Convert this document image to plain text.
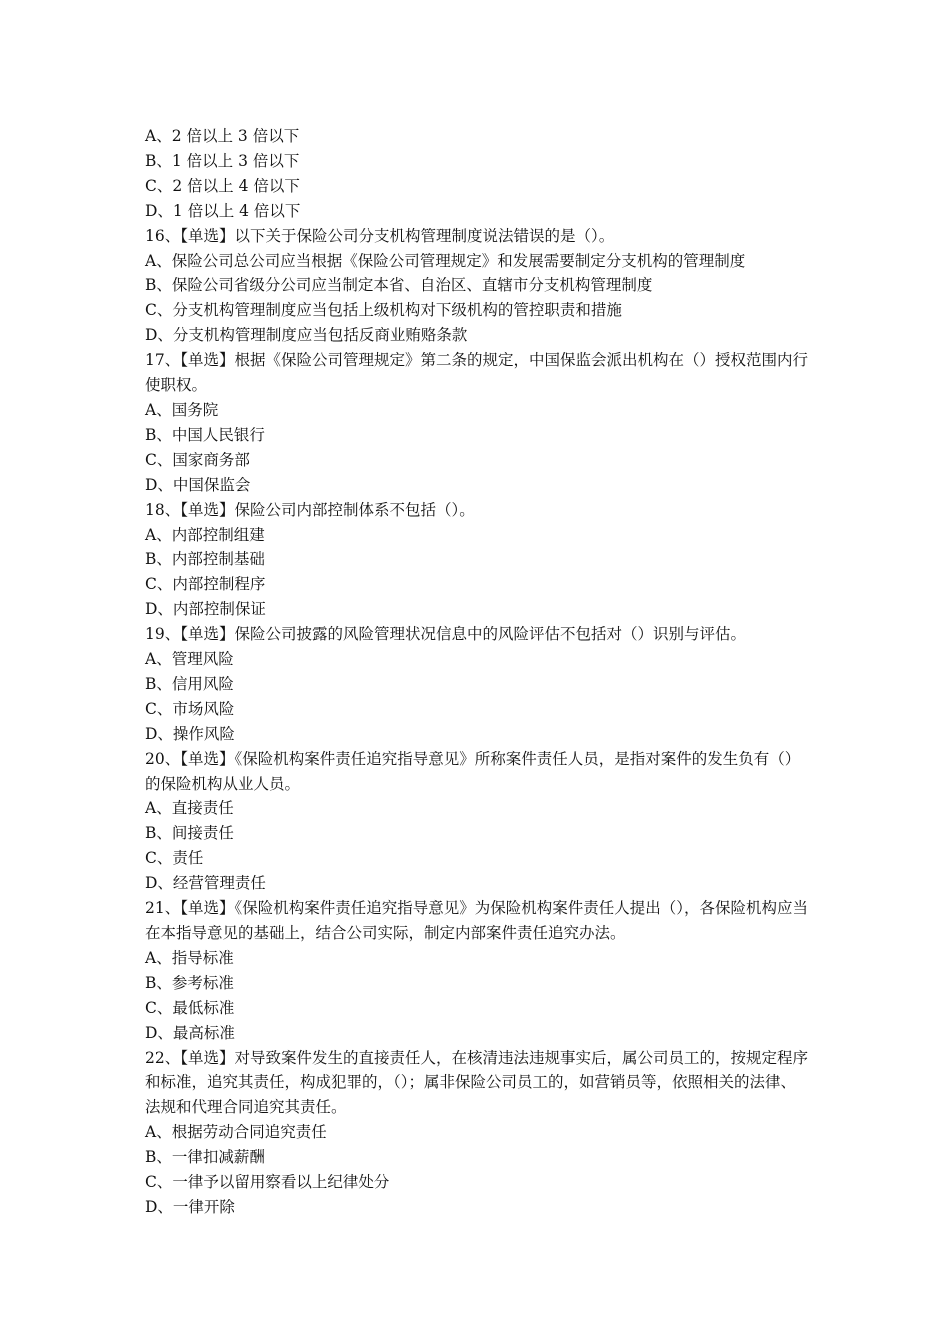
A、2 倍以上 3 倍以下
B、1 倍以上 3 倍以下
C、2 倍以上 4 倍以下
D、1 倍以上 4 倍以下
16、【单选】以下关于保险公司分支机构管理制度说法错误的是（）。
A、保险公司总公司应当根据《保险公司管理规定》和发展需要制定分支机构的管理制度
B、保险公司省级分公司应当制定本省、自治区、直辖市分支机构管理制度
C、分支机构管理制度应当包括上级机构对下级机构的管控职责和措施
D、分支机构管理制度应当包括反商业贿赂条款
17、【单选】根据《保险公司管理规定》第二条的规定，中国保监会派出机构在（）授权范围内行使职权。
A、国务院
B、中国人民银行
C、国家商务部
D、中国保监会
18、【单选】保险公司内部控制体系不包括（）。
A、内部控制组建
B、内部控制基础
C、内部控制程序
D、内部控制保证
19、【单选】保险公司披露的风险管理状况信息中的风险评估不包括对（）识别与评估。
A、管理风险
B、信用风险
C、市场风险
D、操作风险
20、【单选】《保险机构案件责任追究指导意见》所称案件责任人员，是指对案件的发生负有（）的保险机构从业人员。
A、直接责任
B、间接责任
C、责任
D、经营管理责任
21、【单选】《保险机构案件责任追究指导意见》为保险机构案件责任人提出（），各保险机构应当在本指导意见的基础上，结合公司实际，制定内部案件责任追究办法。
A、指导标准
B、参考标准
C、最低标准
D、最高标准
22、【单选】对导致案件发生的直接责任人，在核清违法违规事实后，属公司员工的，按规定程序和标准，追究其责任，构成犯罪的，（）；属非保险公司员工的，如营销员等，依照相关的法律、法规和代理合同追究其责任。
A、根据劳动合同追究责任
B、一律扣减薪酬
C、一律予以留用察看以上纪律处分
D、一律开除
